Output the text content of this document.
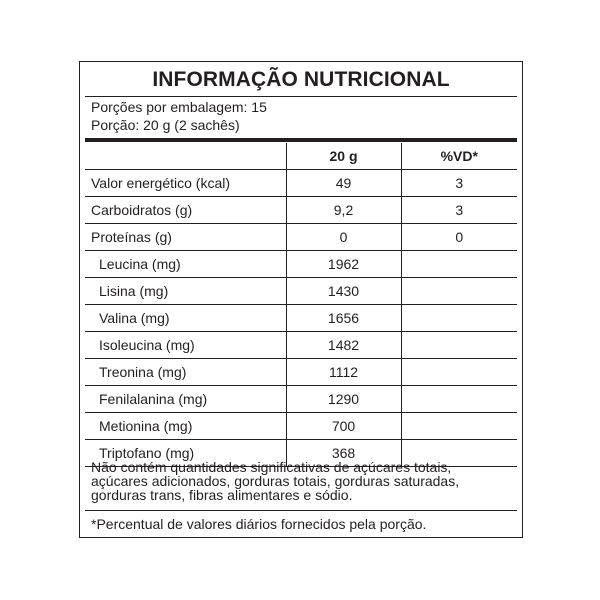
INFORMAÇÃO NUTRICIONAL
Porções por embalagem: 15
Porção: 20 g (2 sachês)
	20 g	%VD*
Valor energético (kcal)	49	3
Carboidratos (g)	9,2	3
Proteínas (g)	0	0
Leucina (mg)	1962	
Lisina (mg)	1430	
Valina (mg)	1656	
Isoleucina (mg)	1482	
Treonina (mg)	1112	
Fenilalanina (mg)	1290	
Metionina (mg)	700	
Triptofano (mg)	368	
Não contém quantidades significativas de açúcares totais,
açúcares adicionados, gorduras totais, gorduras saturadas,
gorduras trans, fibras alimentares e sódio.
*Percentual de valores diários fornecidos pela porção.
